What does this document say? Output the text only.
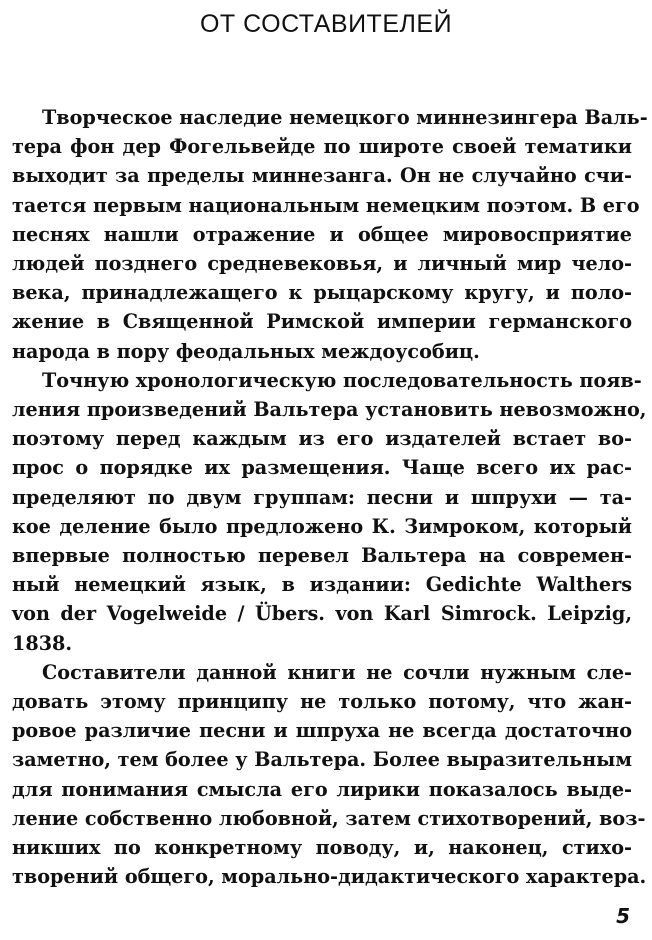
ОТ СОСТАВИТЕЛЕЙ
Творческое наследие немецкого миннезингера Валь-
тера фон дер Фогельвейде по широте своей тематики
выходит за пределы миннезанга. Он не случайно счи-
тается первым национальным немецким поэтом. В его
песнях нашли отражение и общее мировосприятие
людей позднего средневековья, и личный мир чело-
века, принадлежащего к рыцарскому кругу, и поло-
жение в Священной Римской империи германского
народа в пору феодальных междоусобиц.
Точную хронологическую последовательность появ-
ления произведений Вальтера установить невозможно,
поэтому перед каждым из его издателей встает во-
прос о порядке их размещения. Чаще всего их рас-
пределяют по двум группам: песни и шпрухи — та-
кое деление было предложено К. Зимроком, который
впервые полностью перевел Вальтера на современ-
ный немецкий язык, в издании: Gedichte Walthers
von der Vogelweide / Übers. von Karl Simrock. Leipzig,
1838.
Составители данной книги не сочли нужным сле-
довать этому принципу не только потому, что жан-
ровое различие песни и шпруха не всегда достаточно
заметно, тем более у Вальтера. Более выразительным
для понимания смысла его лирики показалось выде-
ление собственно любовной, затем стихотворений, воз-
никших по конкретному поводу, и, наконец, стихо-
творений общего, морально-дидактического характера.
5
